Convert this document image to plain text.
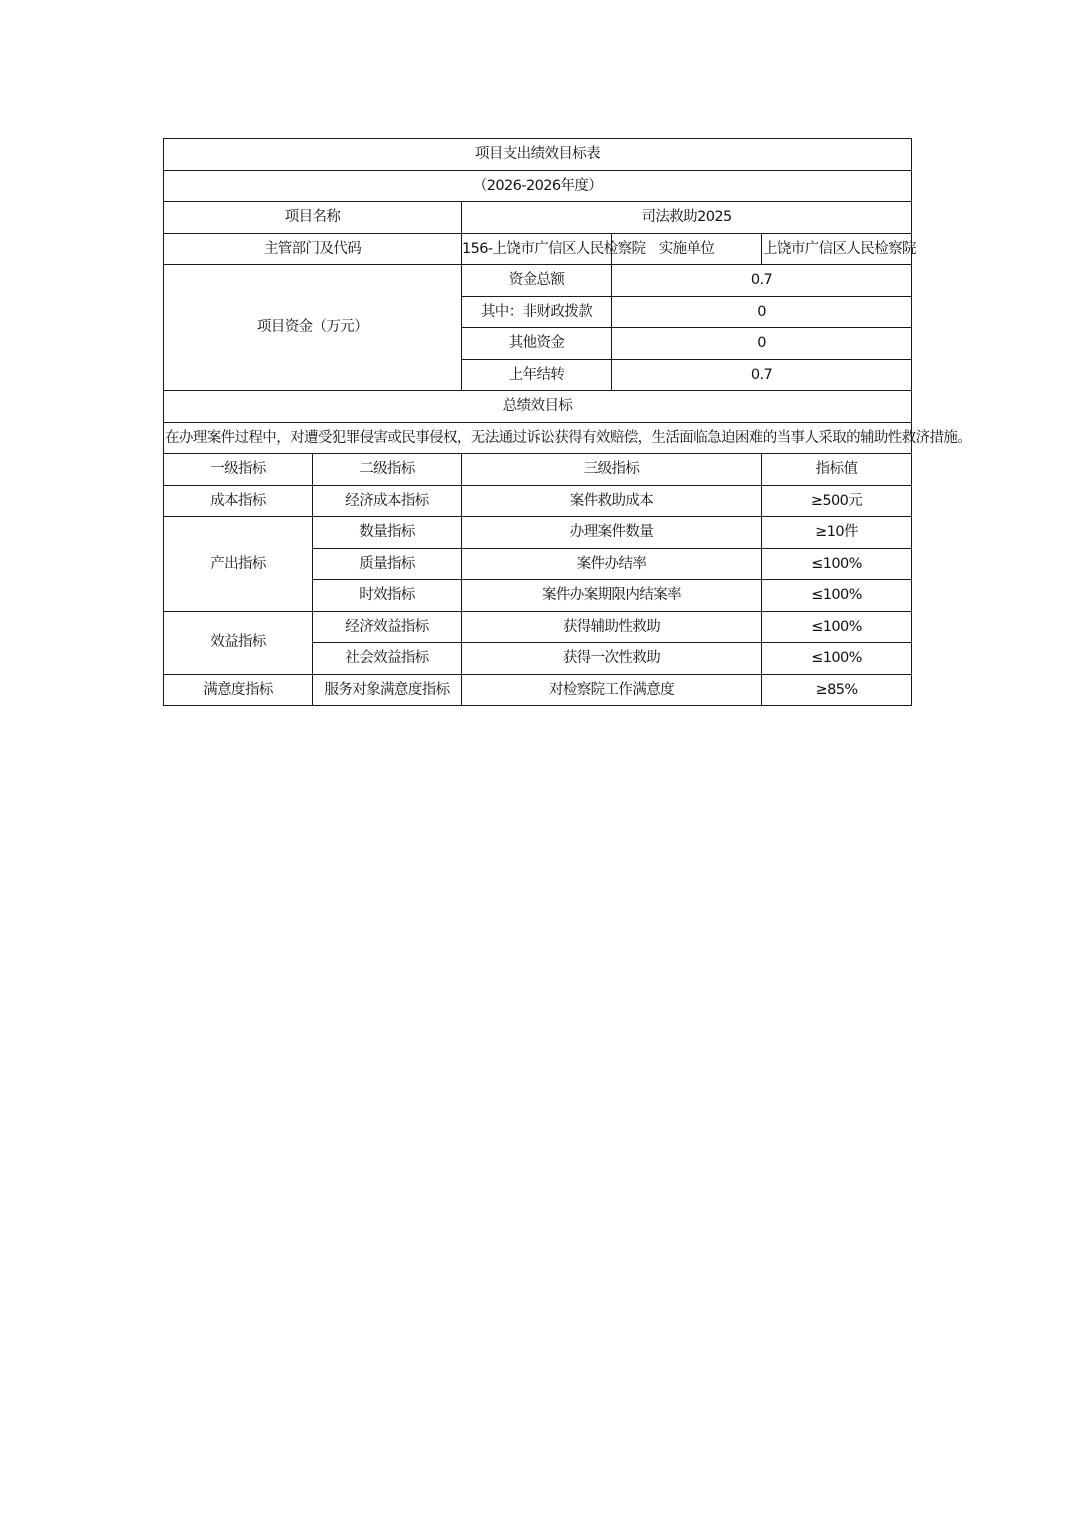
项目支出绩效目标表				
（2026-2026年度）				
项目名称		司法救助2025		
主管部门及代码		156-上饶市广信区人民检察院	实施单位	上饶市广信区人民检察院
项目资金（万元）		资金总额	0.7	
		其中：非财政拨款	0	
		其他资金	0	
		上年结转	0.7	
总绩效目标				
在办理案件过程中，对遭受犯罪侵害或民事侵权，无法通过诉讼获得有效赔偿，生活面临急迫困难的当事人采取的辅助性救济措施。				
一级指标	二级指标	三级指标		指标值
成本指标	经济成本指标	案件救助成本		≥500元
产出指标	数量指标	办理案件数量		≥10件
	质量指标	案件办结率		≤100%
	时效指标	案件办案期限内结案率		≤100%
效益指标	经济效益指标	获得辅助性救助		≤100%
	社会效益指标	获得一次性救助		≤100%
满意度指标	服务对象满意度指标	对检察院工作满意度		≥85%
